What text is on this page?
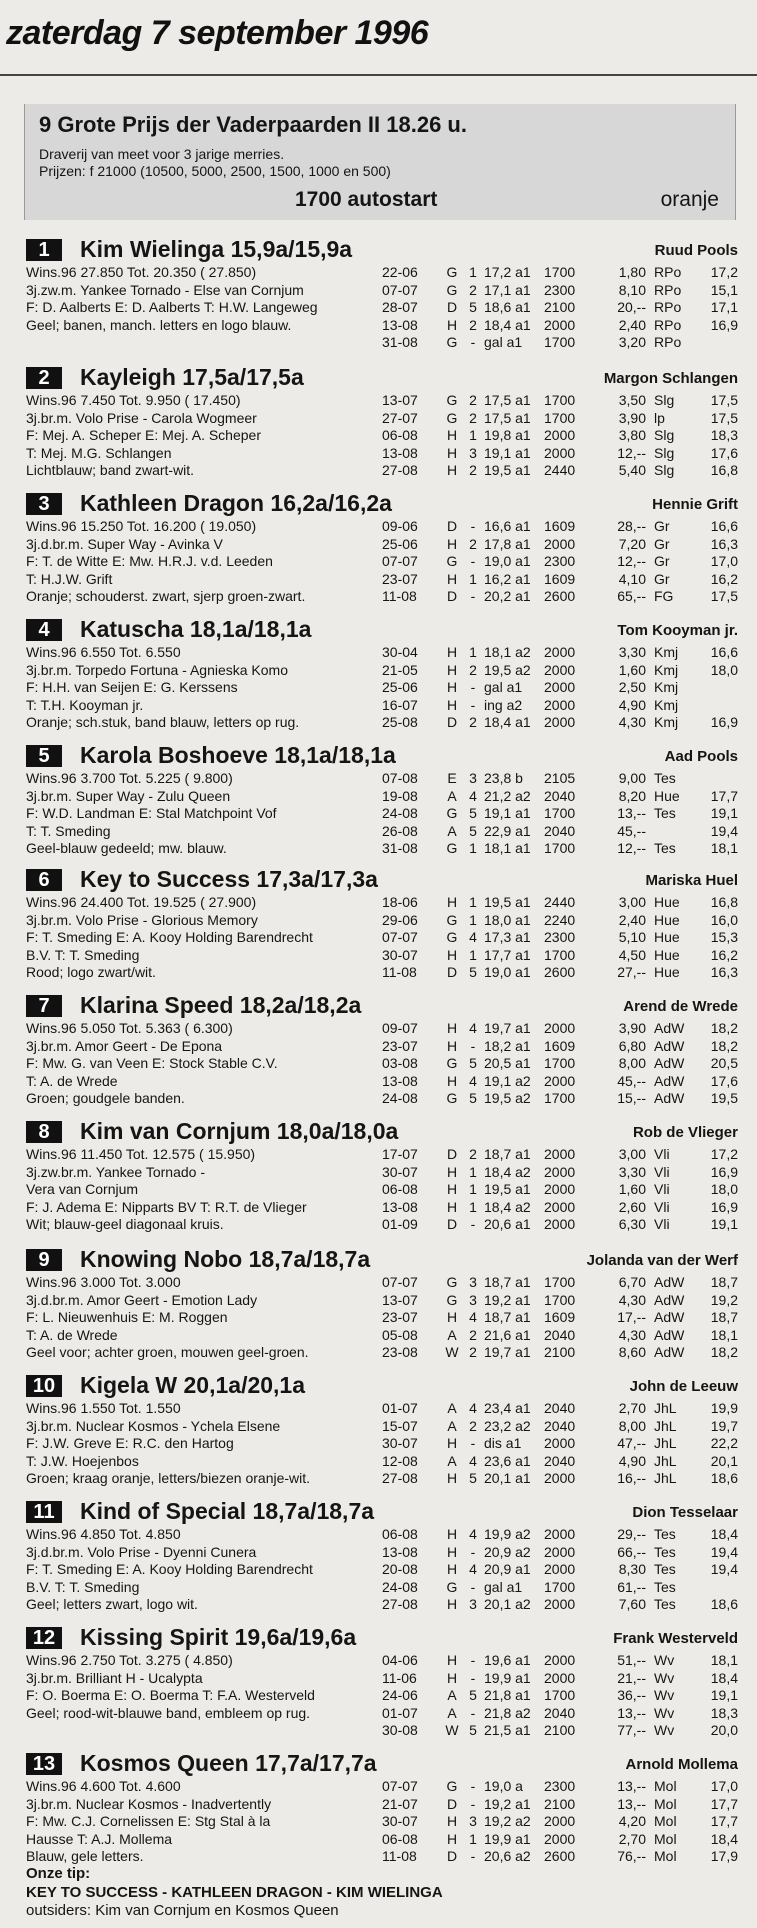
zaterdag 7 september 1996
9 Grote Prijs der Vaderpaarden II 18.26 u.
Draverij van meet voor 3 jarige merries.
Prijzen: f 21000 (10500, 5000, 2500, 1500, 1000 en 500)
1700 autostart	oranje
1	Kim Wielinga 15,9a/15,9a	Ruud Pools
Wins.96 27.850 Tot. 20.350 ( 27.850)
3j.zw.m. Yankee Tornado - Else van Cornjum
F: D. Aalberts E: D. Aalberts T: H.W. Langeweg
Geel; banen, manch. letters en logo blauw.
22-06 G 1 17,2 a1 1700	1,80 RPo 17,2
07-07 G 2 17,1 a1 2300	8,10 RPo 15,1
28-07 D 5 18,6 a1 2100	20,-- RPo 17,1
13-08 H 2 18,4 a1 2000	2,40 RPo 16,9
31-08 G - gal a1 1700	3,20 RPo
2	Kayleigh 17,5a/17,5a	Margon Schlangen
Wins.96 7.450 Tot. 9.950 ( 17.450)
3j.br.m. Volo Prise - Carola Wogmeer
F: Mej. A. Scheper E: Mej. A. Scheper
T: Mej. M.G. Schlangen
Lichtblauw; band zwart-wit.
13-07 G 2 17,5 a1 1700	3,50 Slg	17,5
27-07 G 2 17,5 a1 1700	3,90 lp	17,5
06-08 H 1 19,8 a1 2000	3,80 Slg	18,3
13-08 H 3 19,1 a1 2000	12,-- Slg	17,6
27-08 H 2 19,5 a1 2440	5,40 Slg	16,8
3	Kathleen Dragon 16,2a/16,2a	Hennie Grift
Wins.96 15.250 Tot. 16.200 ( 19.050)
3j.d.br.m. Super Way - Avinka V
F: T. de Witte E: Mw. H.R.J. v.d. Leeden
T: H.J.W. Grift
Oranje; schouderst. zwart, sjerp groen-zwart.
09-06 D - 16,6 a1 1609	28,-- Gr	16,6
25-06 H 2 17,8 a1 2000	7,20 Gr	16,3
07-07 G - 19,0 a1 2300	12,-- Gr	17,0
23-07 H 1 16,2 a1 1609	4,10 Gr	16,2
11-08 D - 20,2 a1 2600	65,-- FG	17,5
4	Katuscha 18,1a/18,1a	Tom Kooyman jr.
Wins.96 6.550 Tot. 6.550
3j.br.m. Torpedo Fortuna - Agnieska Komo
F: H.H. van Seijen E: G. Kerssens
T: T.H. Kooyman jr.
Oranje; sch.stuk, band blauw, letters op rug.
30-04 H 1 18,1 a2 2000	3,30 Kmj 16,6
21-05 H 2 19,5 a2 2000	1,60 Kmj 18,0
25-06 H - gal a1 2000	2,50 Kmj
16-07 H - ing a2 2000	4,90 Kmj
25-08 D 2 18,4 a1 2000	4,30 Kmj 16,9
5	Karola Boshoeve 18,1a/18,1a	Aad Pools
Wins.96 3.700 Tot. 5.225 ( 9.800)
3j.br.m. Super Way - Zulu Queen
F: W.D. Landman E: Stal Matchpoint Vof
T: T. Smeding
Geel-blauw gedeeld; mw. blauw.
07-08 E 3 23,8 b 2105	9,00 Tes
19-08 A 4 21,2 a2 2040	8,20 Hue 17,7
24-08 G 5 19,1 a1 1700	13,-- Tes 19,1
26-08 A 5 22,9 a1 2040	45,--	19,4
31-08 G 1 18,1 a1 1700	12,-- Tes 18,1
6	Key to Success 17,3a/17,3a	Mariska Huel
Wins.96 24.400 Tot. 19.525 ( 27.900)
3j.br.m. Volo Prise - Glorious Memory
F: T. Smeding E: A. Kooy Holding Barendrecht
B.V. T: T. Smeding
Rood; logo zwart/wit.
18-06 H 1 19,5 a1 2440	3,00 Hue 16,8
29-06 G 1 18,0 a1 2240	2,40 Hue 16,0
07-07 G 4 17,3 a1 2300	5,10 Hue 15,3
30-07 H 1 17,7 a1 1700	4,50 Hue 16,2
11-08 D 5 19,0 a1 2600	27,-- Hue 16,3
7	Klarina Speed 18,2a/18,2a	Arend de Wrede
Wins.96 5.050 Tot. 5.363 ( 6.300)
3j.br.m. Amor Geert - De Epona
F: Mw. G. van Veen E: Stock Stable C.V.
T: A. de Wrede
Groen; goudgele banden.
09-07 H 4 19,7 a1 2000	3,90 AdW 18,2
23-07 H - 18,2 a1 1609	6,80 AdW 18,2
03-08 G 5 20,5 a1 1700	8,00 AdW 20,5
13-08 H 4 19,1 a2 2000	45,-- AdW 17,6
24-08 G 5 19,5 a2 1700	15,-- AdW 19,5
8	Kim van Cornjum 18,0a/18,0a	Rob de Vlieger
Wins.96 11.450 Tot. 12.575 ( 15.950)
3j.zw.br.m. Yankee Tornado -
Vera van Cornjum
F: J. Adema E: Nipparts BV T: R.T. de Vlieger
Wit; blauw-geel diagonaal kruis.
17-07 D 2 18,7 a1 2000	3,00 Vli	17,2
30-07 H 1 18,4 a2 2000	3,30 Vli	16,9
06-08 H 1 19,5 a1 2000	1,60 Vli	18,0
13-08 H 1 18,4 a2 2000	2,60 Vli	16,9
01-09 D - 20,6 a1 2000	6,30 Vli	19,1
9	Knowing Nobo 18,7a/18,7a	Jolanda van der Werf
Wins.96 3.000 Tot. 3.000
3j.d.br.m. Amor Geert - Emotion Lady
F: L. Nieuwenhuis E: M. Roggen
T: A. de Wrede
Geel voor; achter groen, mouwen geel-groen.
07-07 G 3 18,7 a1 1700	6,70 AdW 18,7
13-07 G 3 19,2 a1 1700	4,30 AdW 19,2
23-07 H 4 18,7 a1 1609	17,-- AdW 18,7
05-08 A 2 21,6 a1 2040	4,30 AdW 18,1
23-08 W 2 19,7 a1 2100	8,60 AdW 18,2
10 Kigela W 20,1a/20,1a	John de Leeuw
Wins.96 1.550 Tot. 1.550
3j.br.m. Nuclear Kosmos - Ychela Elsene
F: J.W. Greve E: R.C. den Hartog
T: J.W. Hoejenbos
Groen; kraag oranje, letters/biezen oranje-wit.
01-07 A 4 23,4 a1 2040	2,70 JhL 19,9
15-07 A 2 23,2 a2 2040	8,00 JhL 19,7
30-07 H - dis a1 2000	47,-- JhL 22,2
12-08 A 4 23,6 a1 2040	4,90 JhL 20,1
27-08 H 5 20,1 a1 2000	16,-- JhL 18,6
11	Kind of Special 18,7a/18,7a	Dion Tesselaar
Wins.96 4.850 Tot. 4.850
3j.d.br.m. Volo Prise - Dyenni Cunera
F: T. Smeding E: A. Kooy Holding Barendrecht
B.V. T: T. Smeding
Geel; letters zwart, logo wit.
06-08 H 4 19,9 a2 2000	29,-- Tes 18,4
13-08 H - 20,9 a2 2000	66,-- Tes 19,4
20-08 H 4 20,9 a1 2000	8,30 Tes 19,4
24-08 G - gal a1 1700	61,-- Tes
27-08 H 3 20,1 a2 2000	7,60 Tes 18,6
12 Kissing Spirit 19,6a/19,6a	Frank Westerveld
Wins.96 2.750 Tot. 3.275 ( 4.850)
3j.br.m. Brilliant H - Ucalypta
F: O. Boerma E: O. Boerma T: F.A. Westerveld
Geel; rood-wit-blauwe band, embleem op rug.
04-06 H - 19,6 a1 2000	51,-- Wv	18,1
11-06 H - 19,9 a1 2000	21,-- Wv	18,4
24-06 A 5 21,8 a1 1700	36,-- Wv	19,1
01-07 A - 21,8 a2 2040	13,-- Wv	18,3
30-08 W 5 21,5 a1 2100	77,-- Wv	20,0
13 Kosmos Queen 17,7a/17,7a	Arnold Mollema
Wins.96 4.600 Tot. 4.600
3j.br.m. Nuclear Kosmos - Inadvertently
F: Mw. C.J. Cornelissen E: Stg Stal à la
Hausse T: A.J. Mollema
Blauw, gele letters.
07-07 G - 19,0 a 2300	13,-- Mol 17,0
21-07 D - 19,2 a1 2100	13,-- Mol 17,7
30-07 H 3 19,2 a2 2000	4,20 Mol 17,7
06-08 H 1 19,9 a1 2000	2,70 Mol 18,4
11-08 D - 20,6 a2 2600	76,-- Mol 17,9
Onze tip:
KEY TO SUCCESS - KATHLEEN DRAGON - KIM WIELINGA
outsiders: Kim van Cornjum en Kosmos Queen
